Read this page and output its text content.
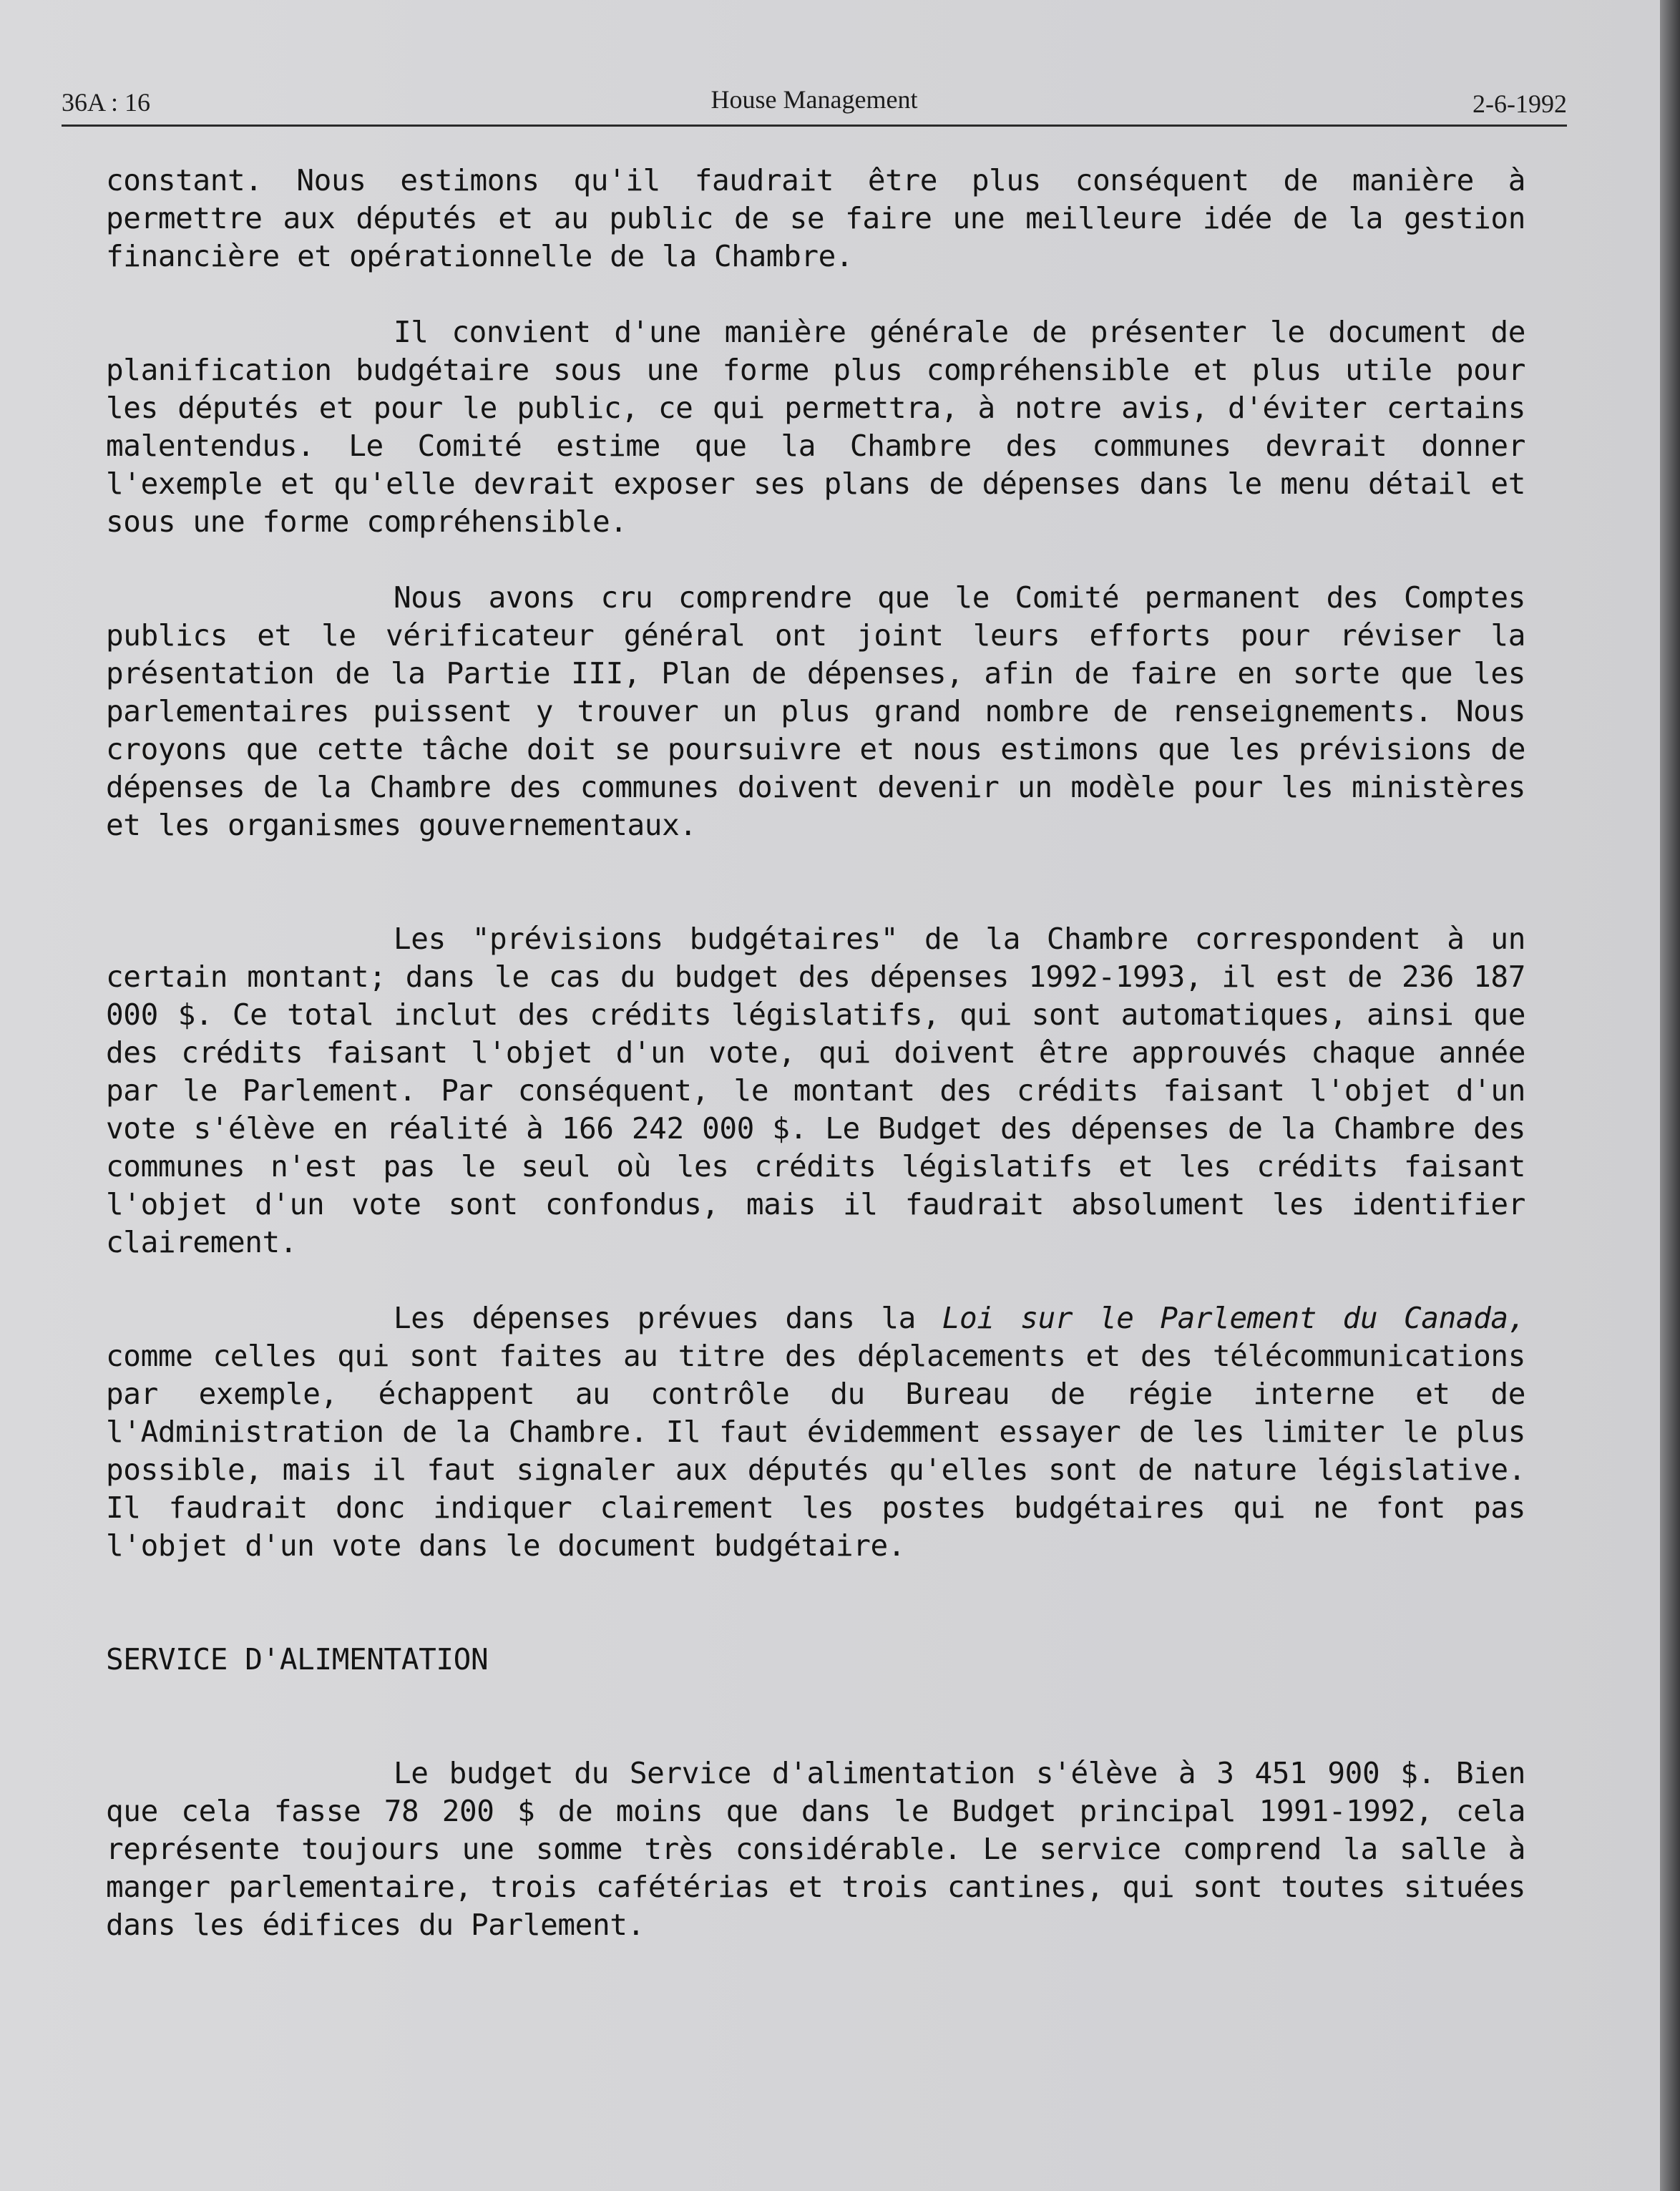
36A : 16	House Management	2-6-1992

constant. Nous estimons qu'il faudrait être plus conséquent de manière à permettre aux députés et au public de se faire une meilleure idée de la gestion financière et opérationnelle de la Chambre.

Il convient d'une manière générale de présenter le document de planification budgétaire sous une forme plus compréhensible et plus utile pour les députés et pour le public, ce qui permettra, à notre avis, d'éviter certains malentendus. Le Comité estime que la Chambre des communes devrait donner l'exemple et qu'elle devrait exposer ses plans de dépenses dans le menu détail et sous une forme compréhensible.

Nous avons cru comprendre que le Comité permanent des Comptes publics et le vérificateur général ont joint leurs efforts pour réviser la présentation de la Partie III, Plan de dépenses, afin de faire en sorte que les parlementaires puissent y trouver un plus grand nombre de renseignements. Nous croyons que cette tâche doit se poursuivre et nous estimons que les prévisions de dépenses de la Chambre des communes doivent devenir un modèle pour les ministères et les organismes gouvernementaux.

Les "prévisions budgétaires" de la Chambre correspondent à un certain montant; dans le cas du budget des dépenses 1992-1993, il est de 236 187 000 $. Ce total inclut des crédits législatifs, qui sont automatiques, ainsi que des crédits faisant l'objet d'un vote, qui doivent être approuvés chaque année par le Parlement. Par conséquent, le montant des crédits faisant l'objet d'un vote s'élève en réalité à 166 242 000 $. Le Budget des dépenses de la Chambre des communes n'est pas le seul où les crédits législatifs et les crédits faisant l'objet d'un vote sont confondus, mais il faudrait absolument les identifier clairement.

Les dépenses prévues dans la Loi sur le Parlement du Canada, comme celles qui sont faites au titre des déplacements et des télécommunications par exemple, échappent au contrôle du Bureau de régie interne et de l'Administration de la Chambre. Il faut évidemment essayer de les limiter le plus possible, mais il faut signaler aux députés qu'elles sont de nature législative. Il faudrait donc indiquer clairement les postes budgétaires qui ne font pas l'objet d'un vote dans le document budgétaire.

SERVICE D'ALIMENTATION

Le budget du Service d'alimentation s'élève à 3 451 900 $. Bien que cela fasse 78 200 $ de moins que dans le Budget principal 1991-1992, cela représente toujours une somme très considérable. Le service comprend la salle à manger parlementaire, trois cafétérias et trois cantines, qui sont toutes situées dans les édifices du Parlement.
